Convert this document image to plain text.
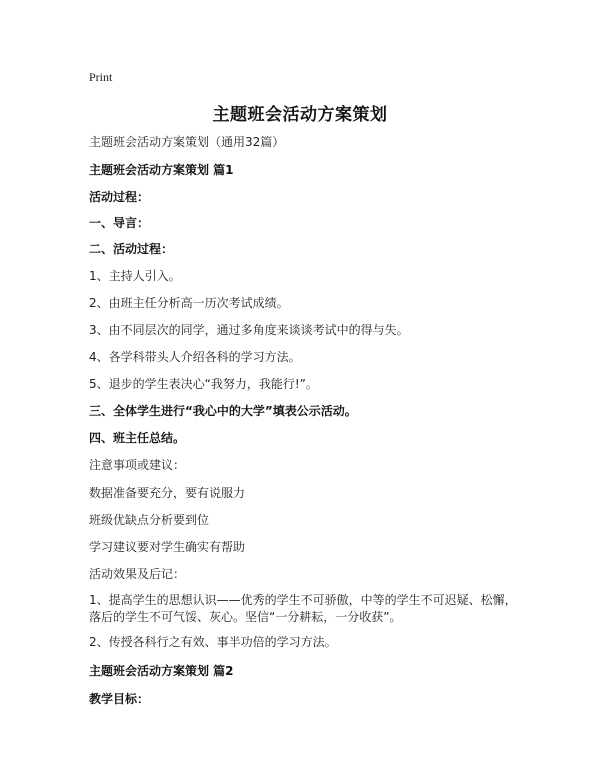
Print
主题班会活动方案策划
主题班会活动方案策划（通用32篇）
主题班会活动方案策划 篇1
活动过程：
一、导言：
二、活动过程：
1、主持人引入。
2、由班主任分析高一历次考试成绩。
3、由不同层次的同学，通过多角度来谈谈考试中的得与失。
4、各学科带头人介绍各科的学习方法。
5、退步的学生表决心“我努力，我能行!”。
三、全体学生进行“我心中的大学”填表公示活动。
四、班主任总结。
注意事项或建议：
数据准备要充分，要有说服力
班级优缺点分析要到位
学习建议要对学生确实有帮助
活动效果及后记：
1、提高学生的思想认识——优秀的学生不可骄傲，中等的学生不可迟疑、松懈，落后的学生不可气馁、灰心。坚信“一分耕耘，一分收获”。
2、传授各科行之有效、事半功倍的学习方法。
主题班会活动方案策划 篇2
教学目标：
